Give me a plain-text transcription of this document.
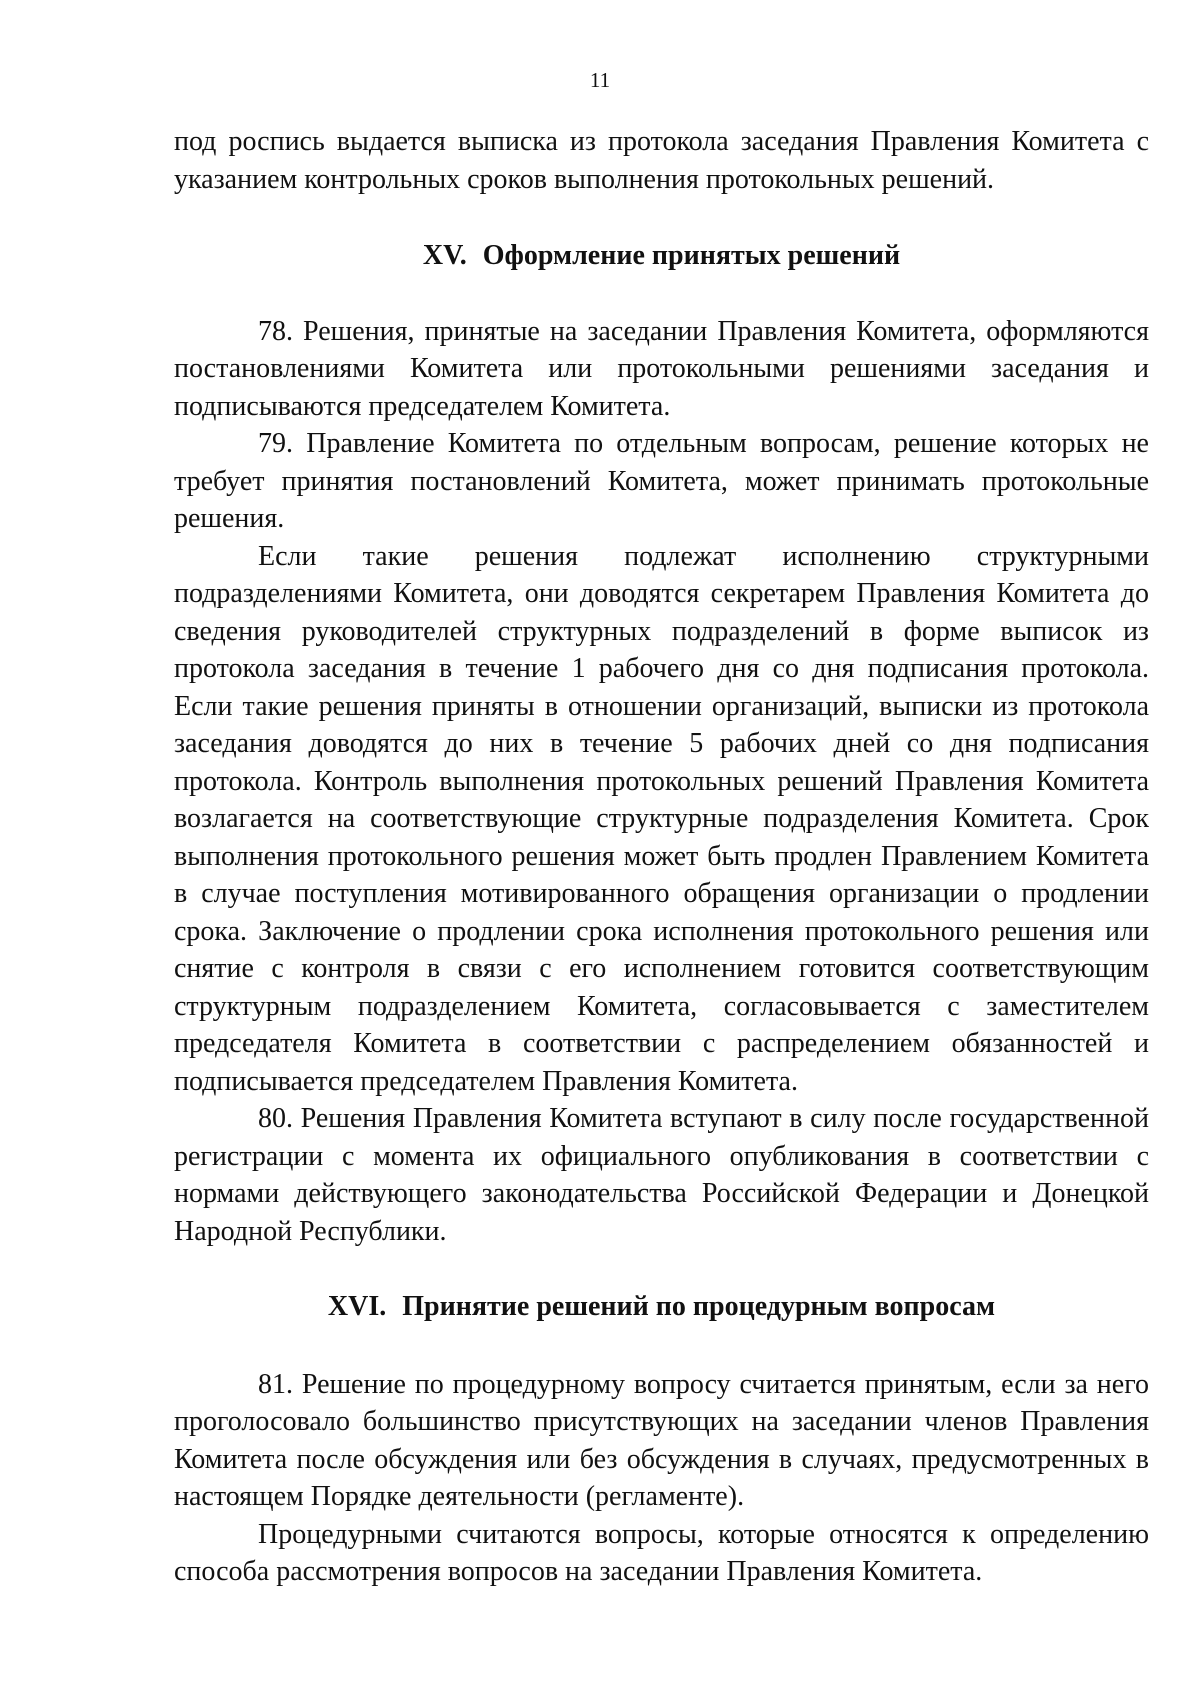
11

под роспись выдается выписка из протокола заседания Правления Комитета с указанием контрольных сроков выполнения протокольных решений.

XV. Оформление принятых решений

78. Решения, принятые на заседании Правления Комитета, оформляются постановлениями Комитета или протокольными решениями заседания и подписываются председателем Комитета.

79. Правление Комитета по отдельным вопросам, решение которых не требует принятия постановлений Комитета, может принимать протокольные решения.

Если такие решения подлежат исполнению структурными подразделениями Комитета, они доводятся секретарем Правления Комитета до сведения руководителей структурных подразделений в форме выписок из протокола заседания в течение 1 рабочего дня со дня подписания протокола. Если такие решения приняты в отношении организаций, выписки из протокола заседания доводятся до них в течение 5 рабочих дней со дня подписания протокола. Контроль выполнения протокольных решений Правления Комитета возлагается на соответствующие структурные подразделения Комитета. Срок выполнения протокольного решения может быть продлен Правлением Комитета в случае поступления мотивированного обращения организации о продлении срока. Заключение о продлении срока исполнения протокольного решения или снятие с контроля в связи с его исполнением готовится соответствующим структурным подразделением Комитета, согласовывается с заместителем председателя Комитета в соответствии с распределением обязанностей и подписывается председателем Правления Комитета.

80. Решения Правления Комитета вступают в силу после государственной регистрации с момента их официального опубликования в соответствии с нормами действующего законодательства Российской Федерации и Донецкой Народной Республики.

XVI. Принятие решений по процедурным вопросам

81. Решение по процедурному вопросу считается принятым, если за него проголосовало большинство присутствующих на заседании членов Правления Комитета после обсуждения или без обсуждения в случаях, предусмотренных в настоящем Порядке деятельности (регламенте).

Процедурными считаются вопросы, которые относятся к определению способа рассмотрения вопросов на заседании Правления Комитета.
